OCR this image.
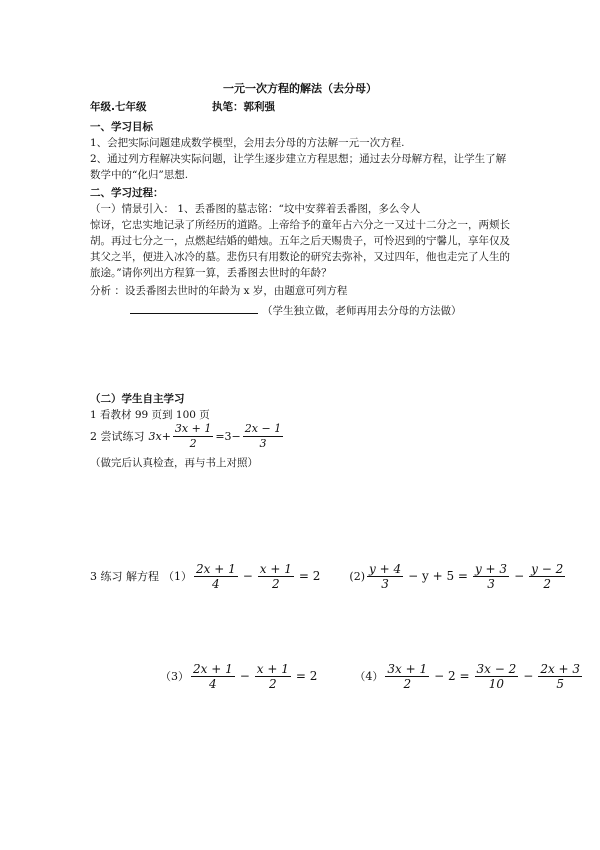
一元一次方程的解法（去分母）
年级.七年级	执笔：郭利强
一、学习目标
1、会把实际问题建成数学模型，会用去分母的方法解一元一次方程.
2、通过列方程解决实际问题，让学生逐步建立方程思想；通过去分母解方程，让学生了解
数学中的“化归”思想.
二、学习过程：
（一）情景引入： 1、丢番图的墓志铭：“坟中安葬着丢番图，多么令人
惊讶，它忠实地记录了所经历的道路。上帝给予的童年占六分之一又过十二分之一，两颊长
胡。再过七分之一，点燃起结婚的蜡烛。五年之后天赐贵子，可怜迟到的宁馨儿，享年仅及
其父之半，便进入冰冷的墓。悲伤只有用数论的研究去弥补，又过四年，他也走完了人生的
旅途。”请你列出方程算一算，丢番图去世时的年龄？
分析 ：设丢番图去世时的年龄为 x 岁，由题意可列方程
（学生独立做，老师再用去分母的方法做）
（二）学生自主学习
1 看教材 99 页到 100 页
2 尝试练习 $3x+ \frac{3x + 1}{2} =3- \frac{2x - 1}{3}$
（做完后认真检查，再与书上对照）
3 练习 解方程 $(1) \frac{2x + 1}{4} - \frac{x + 1}{2} = 2$	$(2) \frac{y + 4}{3} - y + 5 = \frac{y + 3}{3} - \frac{y - 2}{2}$
$(3) \frac{2x + 1}{4} - \frac{x + 1}{2} = 2$	$(4) \frac{3x + 1}{2} - 2 = \frac{3x - 2}{10} - \frac{2x + 3}{5}$
